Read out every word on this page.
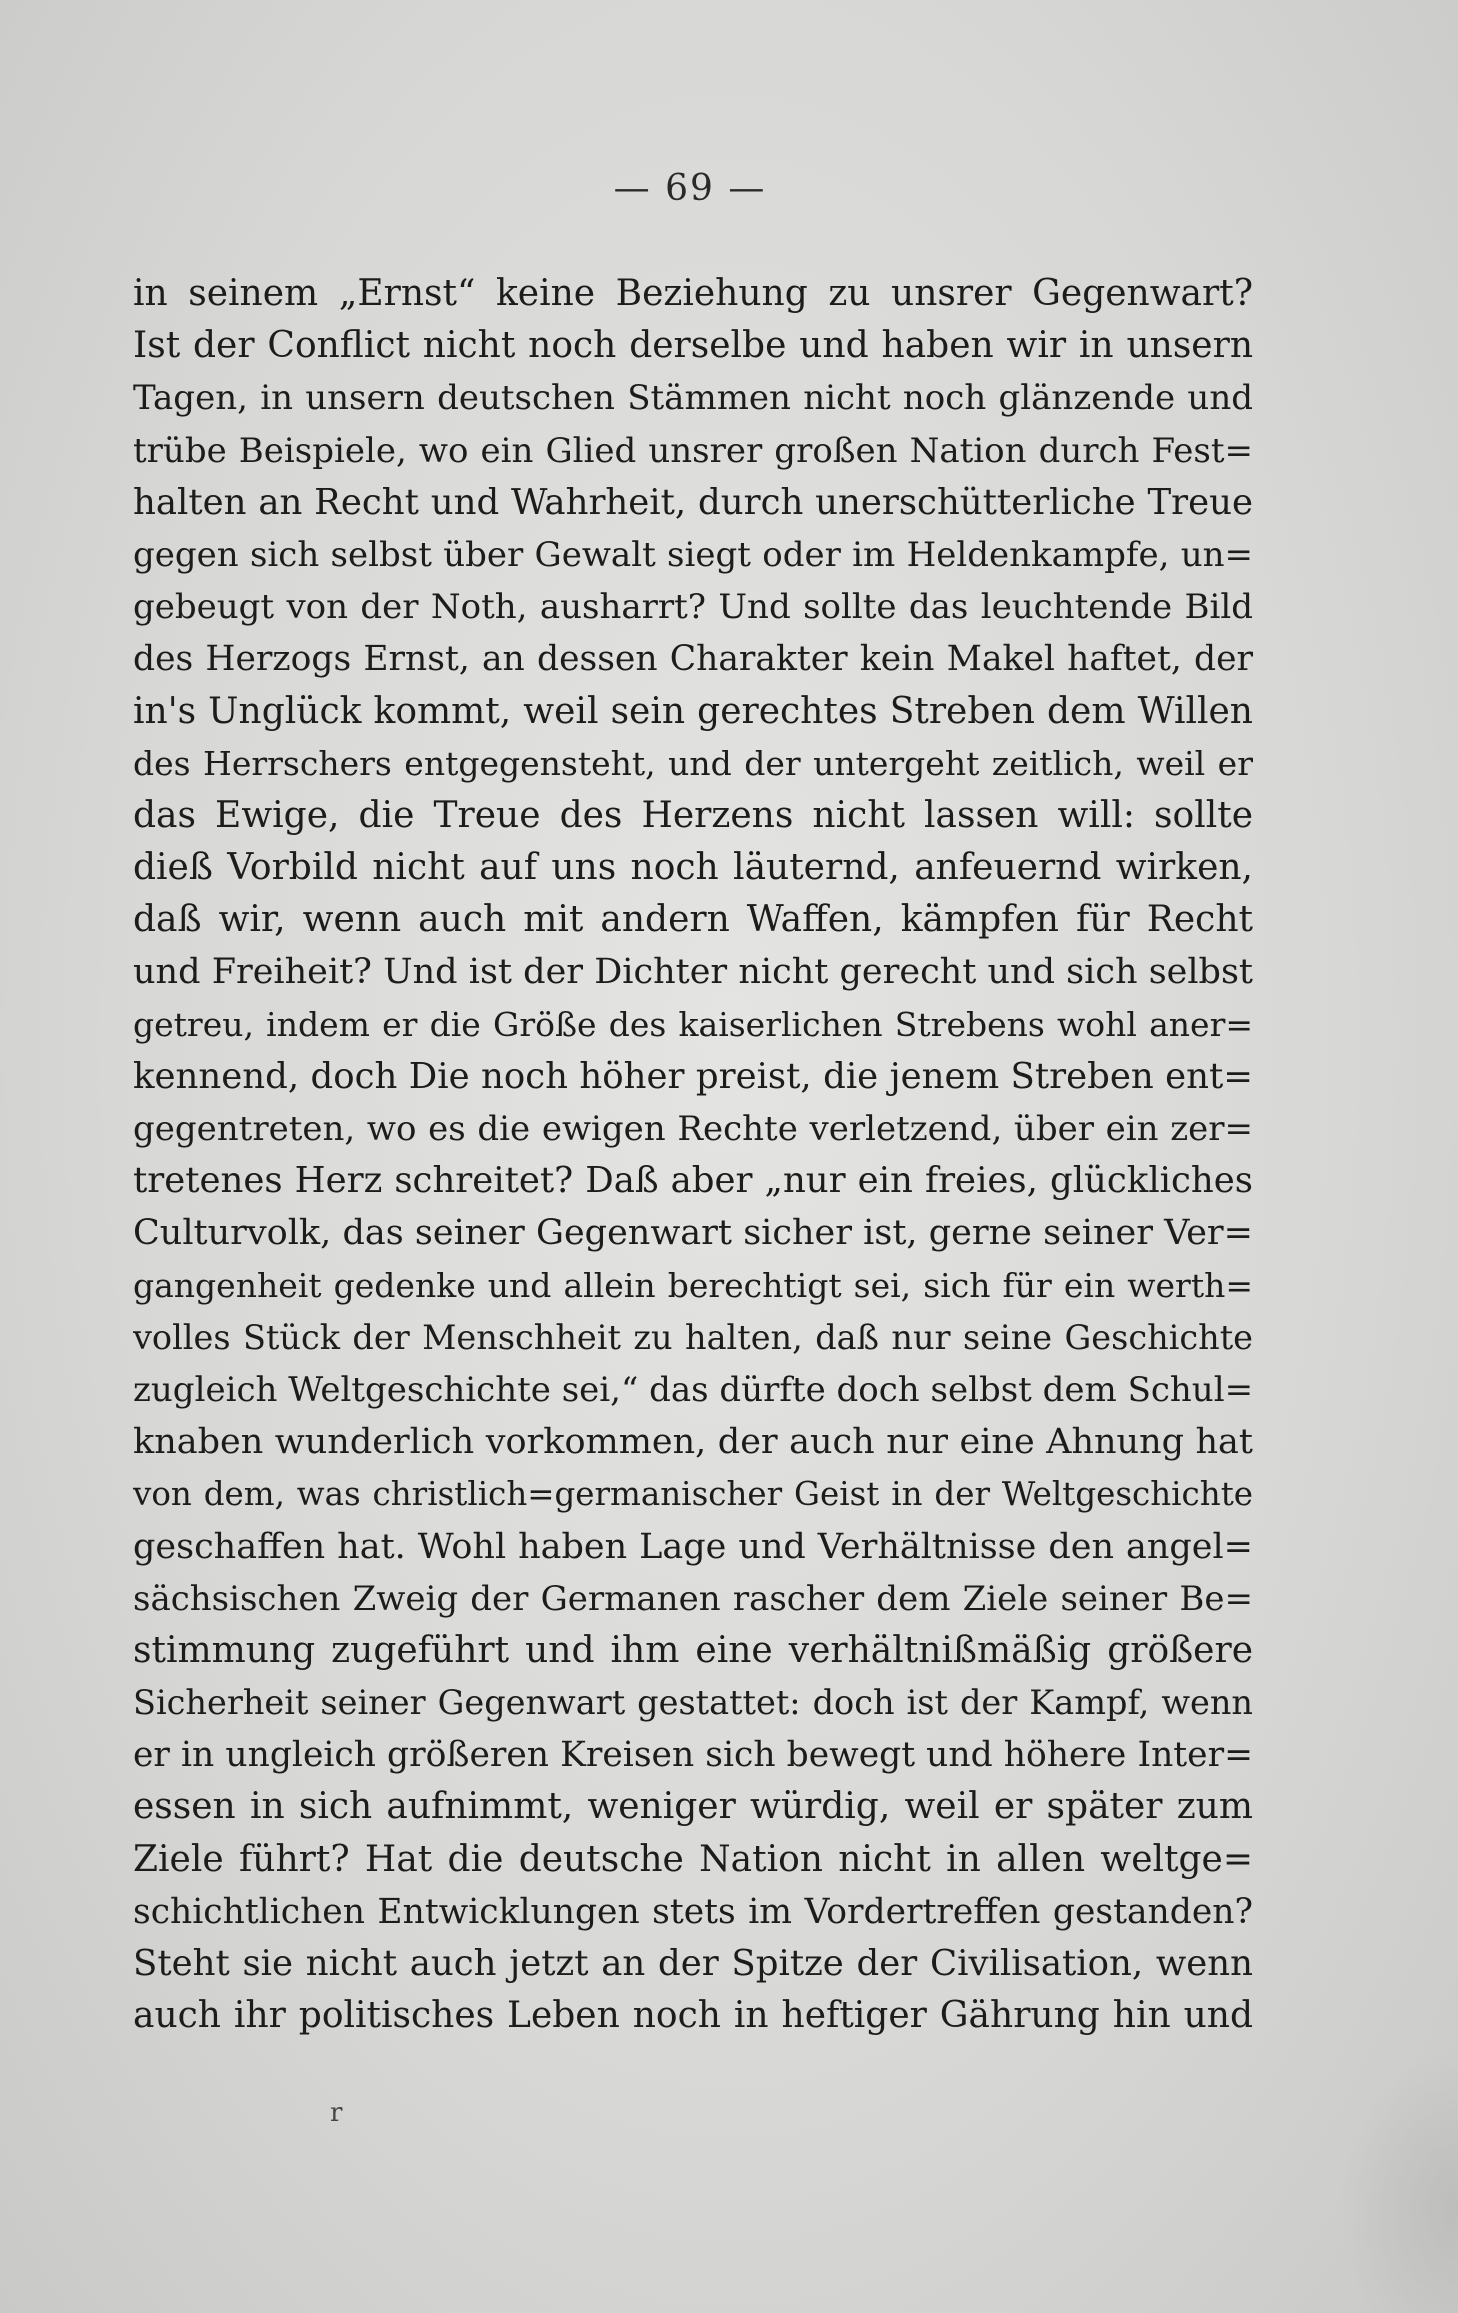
— 69 —
in seinem „Ernst“ keine Beziehung zu unsrer Gegenwart?
Ist der Conflict nicht noch derselbe und haben wir in unsern
Tagen, in unsern deutschen Stämmen nicht noch glänzende und
trübe Beispiele, wo ein Glied unsrer großen Nation durch Fest=
halten an Recht und Wahrheit, durch unerschütterliche Treue
gegen sich selbst über Gewalt siegt oder im Heldenkampfe, un=
gebeugt von der Noth, ausharrt? Und sollte das leuchtende Bild
des Herzogs Ernst, an dessen Charakter kein Makel haftet, der
in's Unglück kommt, weil sein gerechtes Streben dem Willen
des Herrschers entgegensteht, und der untergeht zeitlich, weil er
das Ewige, die Treue des Herzens nicht lassen will: sollte
dieß Vorbild nicht auf uns noch läuternd, anfeuernd wirken,
daß wir, wenn auch mit andern Waffen, kämpfen für Recht
und Freiheit? Und ist der Dichter nicht gerecht und sich selbst
getreu, indem er die Größe des kaiserlichen Strebens wohl aner=
kennend, doch Die noch höher preist, die jenem Streben ent=
gegentreten, wo es die ewigen Rechte verletzend, über ein zer=
tretenes Herz schreitet? Daß aber „nur ein freies, glückliches
Culturvolk, das seiner Gegenwart sicher ist, gerne seiner Ver=
gangenheit gedenke und allein berechtigt sei, sich für ein werth=
volles Stück der Menschheit zu halten, daß nur seine Geschichte
zugleich Weltgeschichte sei,“ das dürfte doch selbst dem Schul=
knaben wunderlich vorkommen, der auch nur eine Ahnung hat
von dem, was christlich=germanischer Geist in der Weltgeschichte
geschaffen hat. Wohl haben Lage und Verhältnisse den angel=
sächsischen Zweig der Germanen rascher dem Ziele seiner Be=
stimmung zugeführt und ihm eine verhältnißmäßig größere
Sicherheit seiner Gegenwart gestattet: doch ist der Kampf, wenn
er in ungleich größeren Kreisen sich bewegt und höhere Inter=
essen in sich aufnimmt, weniger würdig, weil er später zum
Ziele führt? Hat die deutsche Nation nicht in allen weltge=
schichtlichen Entwicklungen stets im Vordertreffen gestanden?
Steht sie nicht auch jetzt an der Spitze der Civilisation, wenn
auch ihr politisches Leben noch in heftiger Gährung hin und
r
